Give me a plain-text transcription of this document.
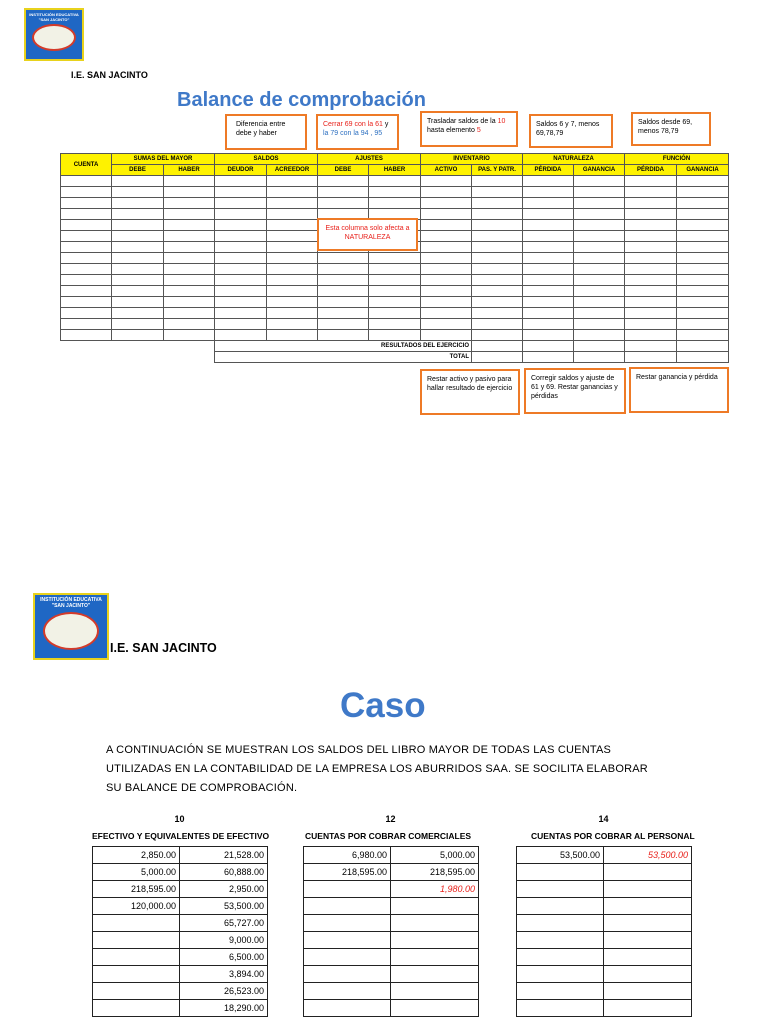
INSTITUCIÓN EDUCATIVA
"SAN JACINTO"
I.E. SAN JACINTO
Balance de comprobación
Diferencia entre debe y haber
Cerrar 69 con la 61 y la 79 con la 94 , 95
Trasladar saldos de la 10 hasta elemento 5
Saldos 6 y 7, menos 69,78,79
Saldos desde 69, menos 78,79
CUENTA	SUMAS DEL MAYOR		SALDOS		AJUSTES		INVENTARIO		NATURALEZA		FUNCIÓN	
	DEBE	HABER	DEUDOR	ACREEDOR	DEBE	HABER	ACTIVO	PAS. Y PATR.	PÉRDIDA	GANANCIA	PÉRDIDA	GANANCIA

			RESULTADOS DEL EJERCICIO									
			TOTAL									
Esta columna solo afecta a NATURALEZA
Restar activo y pasivo para hallar resultado de ejercicio
Corregir saldos y ajuste de 61 y 69. Restar ganancias y pérdidas
Restar ganancia y pérdida
INSTITUCIÓN EDUCATIVA
"SAN JACINTO"
I.E. SAN JACINTO
Caso
A CONTINUACIÓN SE MUESTRAN LOS SALDOS DEL LIBRO MAYOR DE TODAS LAS CUENTAS UTILIZADAS EN LA CONTABILIDAD DE LA EMPRESA LOS ABURRIDOS SAA. SE SOCILITA ELABORAR SU BALANCE DE COMPROBACIÓN.
10
EFECTIVO Y EQUIVALENTES DE EFECTIVO
2,850.00	21,528.00
5,000.00	60,888.00
218,595.00	2,950.00
120,000.00	53,500.00
	65,727.00
	9,000.00
	6,500.00
	3,894.00
	26,523.00
	18,290.00
12
CUENTAS POR COBRAR COMERCIALES
6,980.00	5,000.00
218,595.00	218,595.00
	1,980.00

14
CUENTAS POR COBRAR AL PERSONAL
53,500.00	53,500.00
